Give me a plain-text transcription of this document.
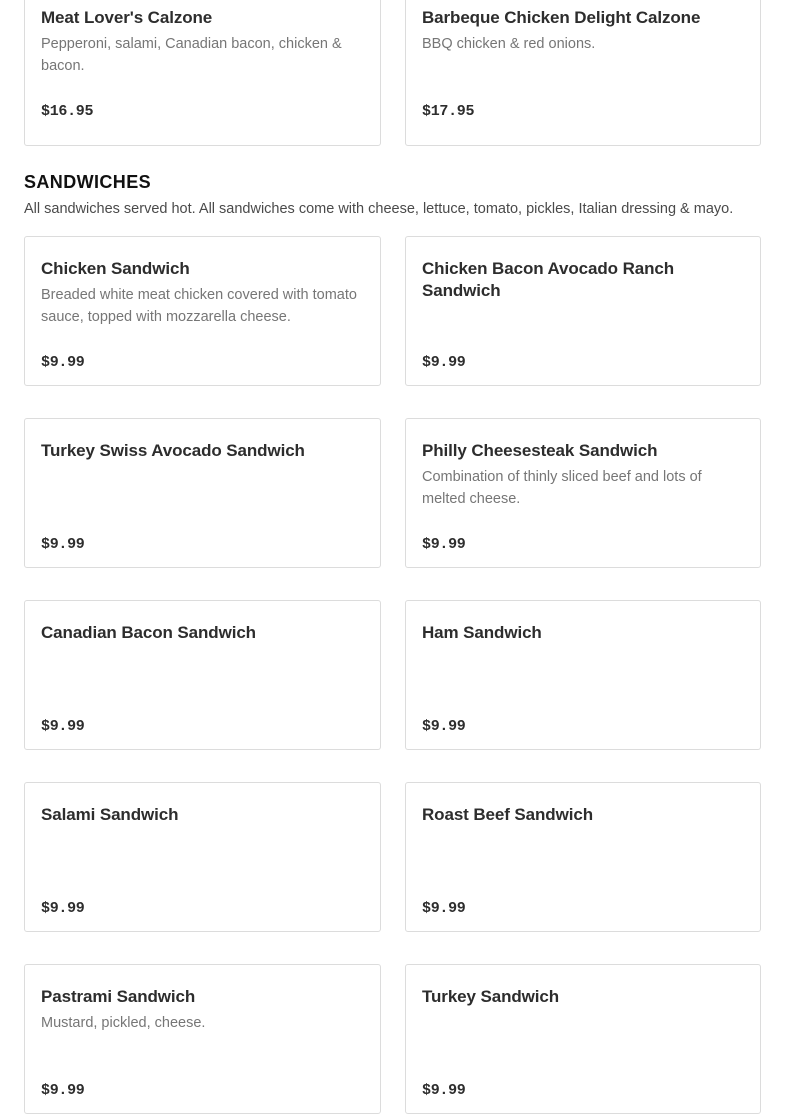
Meat Lover's Calzone
Pepperoni, salami, Canadian bacon, chicken & bacon.
$16.95
Barbeque Chicken Delight Calzone
BBQ chicken & red onions.
$17.95
SANDWICHES
All sandwiches served hot. All sandwiches come with cheese, lettuce, tomato, pickles, Italian dressing & mayo.
Chicken Sandwich
Breaded white meat chicken covered with tomato sauce, topped with mozzarella cheese.
$9.99
Chicken Bacon Avocado Ranch Sandwich
$9.99
Turkey Swiss Avocado Sandwich
$9.99
Philly Cheesesteak Sandwich
Combination of thinly sliced beef and lots of melted cheese.
$9.99
Canadian Bacon Sandwich
$9.99
Ham Sandwich
$9.99
Salami Sandwich
$9.99
Roast Beef Sandwich
$9.99
Pastrami Sandwich
Mustard, pickled, cheese.
$9.99
Turkey Sandwich
$9.99
